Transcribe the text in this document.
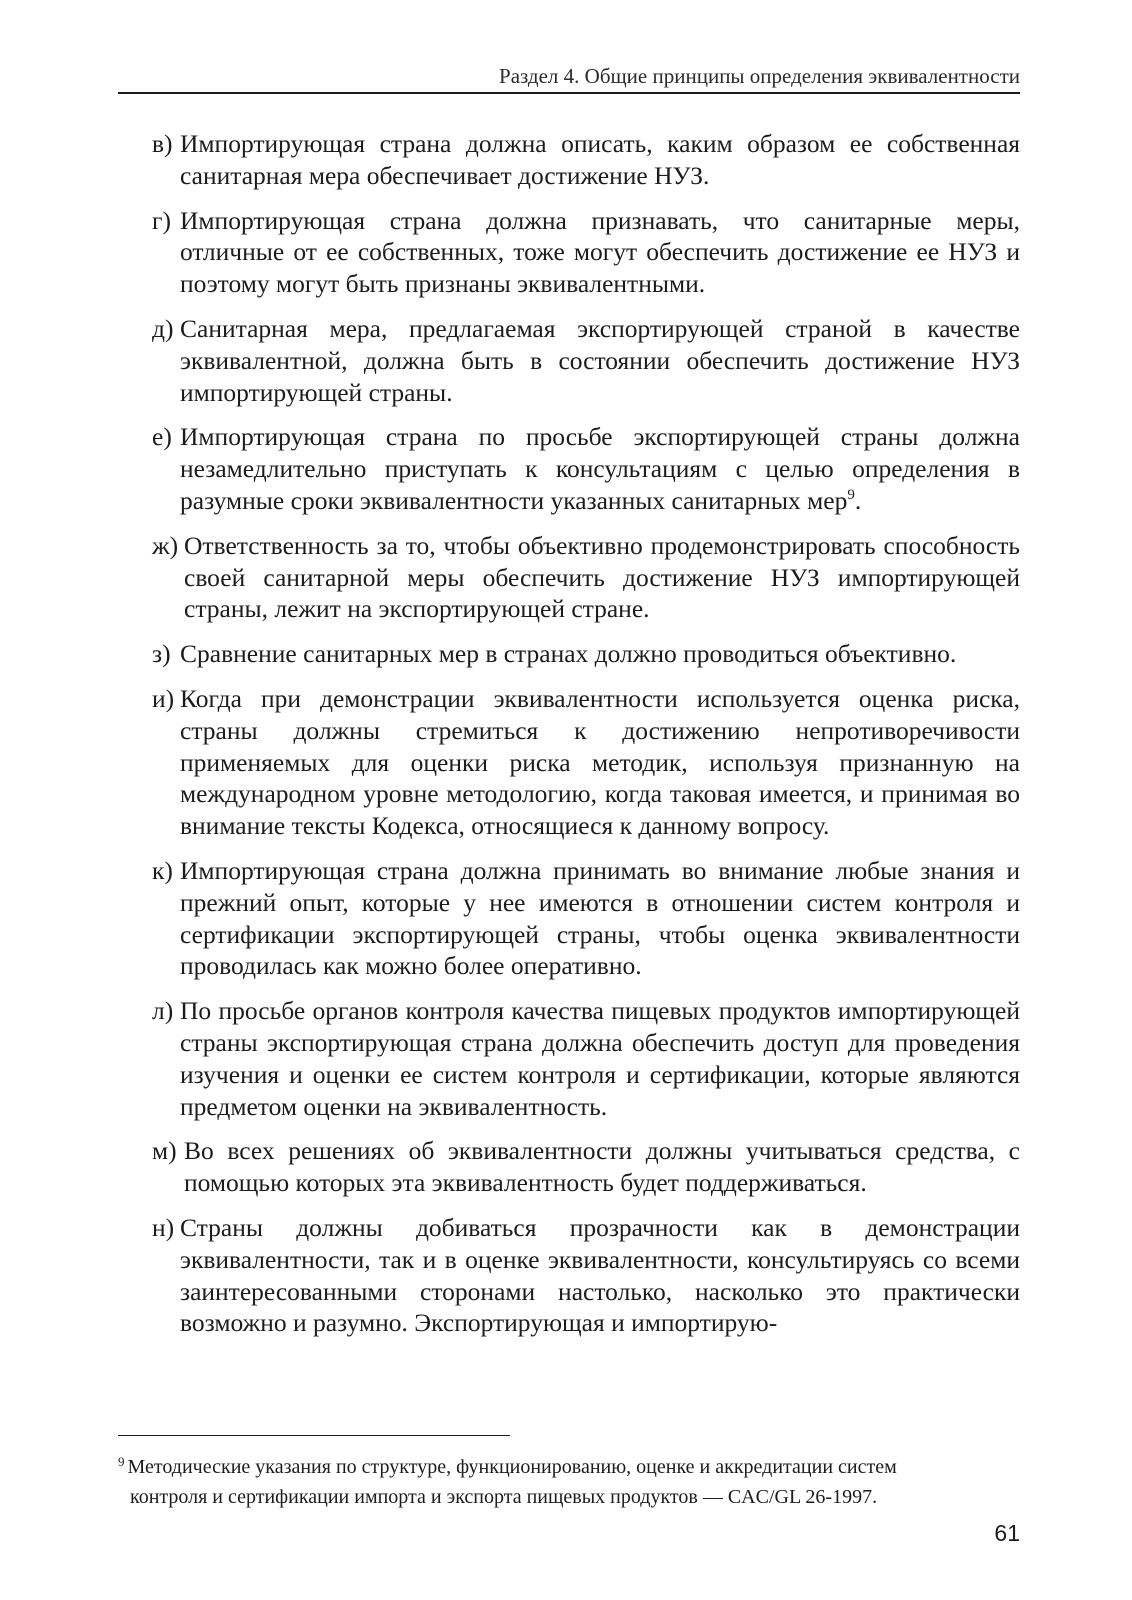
Раздел 4. Общие принципы определения эквивалентности
в) Импортирующая страна должна описать, каким образом ее собственная санитарная мера обеспечивает достижение НУЗ.
г) Импортирующая страна должна признавать, что санитарные меры, отличные от ее собственных, тоже могут обеспечить достижение ее НУЗ и поэтому могут быть признаны эквивалентными.
д) Санитарная мера, предлагаемая экспортирующей страной в качестве эквивалентной, должна быть в состоянии обеспечить достижение НУЗ импортирующей страны.
е) Импортирующая страна по просьбе экспортирующей страны должна незамедлительно приступать к консультациям с целью определения в разумные сроки эквивалентности указанных санитарных мер$^9$.
ж) Ответственность за то, чтобы объективно продемонстрировать способность своей санитарной меры обеспечить достижение НУЗ импортирующей страны, лежит на экспортирующей стране.
з) Сравнение санитарных мер в странах должно проводиться объективно.
и) Когда при демонстрации эквивалентности используется оценка риска, страны должны стремиться к достижению непротиворечивости применяемых для оценки риска методик, используя признанную на международном уровне методологию, когда таковая имеется, и принимая во внимание тексты Кодекса, относящиеся к данному вопросу.
к) Импортирующая страна должна принимать во внимание любые знания и прежний опыт, которые у нее имеются в отношении систем контроля и сертификации экспортирующей страны, чтобы оценка эквивалентности проводилась как можно более оперативно.
л) По просьбе органов контроля качества пищевых продуктов импортирующей страны экспортирующая страна должна обеспечить доступ для проведения изучения и оценки ее систем контроля и сертификации, которые являются предметом оценки на эквивалентность.
м) Во всех решениях об эквивалентности должны учитываться средства, с помощью которых эта эквивалентность будет поддерживаться.
н) Страны должны добиваться прозрачности как в демонстрации эквивалентности, так и в оценке эквивалентности, консультируясь со всеми заинтересованными сторонами настолько, насколько это практически возможно и разумно. Экспортирующая и импортирую-
$^9$ Методические указания по структуре, функционированию, оценке и аккредитации систем
контроля и сертификации импорта и экспорта пищевых продуктов — CAC/GL 26-1997.
61
